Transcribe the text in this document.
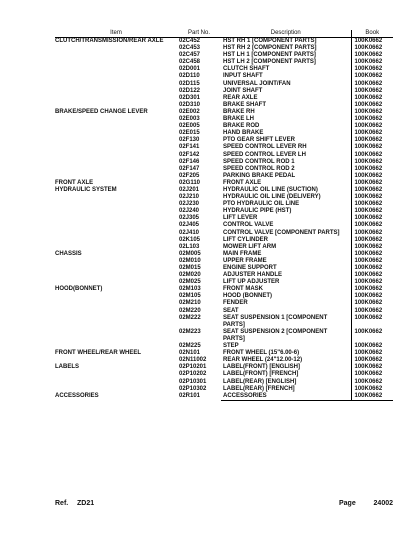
Item	Part No.	Description	Book
CLUTCH/TRANSMISSION/REAR AXLE	02C452	HST RH 1 [COMPONENT PARTS]	100K0662
	02C453	HST RH 2 [COMPONENT PARTS]	100K0662
	02C457	HST LH 1 [COMPONENT PARTS]	100K0662
	02C458	HST LH 2 [COMPONENT PARTS]	100K0662
	02D001	CLUTCH SHAFT	100K0662
	02D110	INPUT SHAFT	100K0662
	02D115	UNIVERSAL JOINT/FAN	100K0662
	02D122	JOINT SHAFT	100K0662
	02D301	REAR AXLE	100K0662
	02D310	BRAKE SHAFT	100K0662
BRAKE/SPEED CHANGE LEVER	02E002	BRAKE RH	100K0662
	02E003	BRAKE LH	100K0662
	02E005	BRAKE ROD	100K0662
	02E015	HAND BRAKE	100K0662
	02F130	PTO GEAR SHIFT LEVER	100K0662
	02F141	SPEED CONTROL LEVER RH	100K0662
	02F142	SPEED CONTROL LEVER LH	100K0662
	02F146	SPEED CONTROL ROD 1	100K0662
	02F147	SPEED CONTROL ROD 2	100K0662
	02F205	PARKING BRAKE PEDAL	100K0662
FRONT AXLE	02G110	FRONT AXLE	100K0662
HYDRAULIC SYSTEM	02J201	HYDRAULIC OIL LINE (SUCTION)	100K0662
	02J210	HYDRAULIC OIL LINE (DELIVERY)	100K0662
	02J230	PTO HYDRAULIC OIL LINE	100K0662
	02J240	HYDRAULIC PIPE (HST)	100K0662
	02J305	LIFT LEVER	100K0662
	02J405	CONTROL VALVE	100K0662
	02J410	CONTROL VALVE [COMPONENT PARTS]	100K0662
	02K105	LIFT CYLINDER	100K0662
	02L103	MOWER LIFT ARM	100K0662
CHASSIS	02M005	MAIN FRAME	100K0662
	02M010	UPPER FRAME	100K0662
	02M015	ENGINE SUPPORT	100K0662
	02M020	ADJUSTER HANDLE	100K0662
	02M025	LIFT UP ADJUSTER	100K0662
HOOD(BONNET)	02M103	FRONT MASK	100K0662
	02M105	HOOD (BONNET)	100K0662
	02M210	FENDER	100K0662
	02M220	SEAT	100K0662
	02M222	SEAT SUSPENSION 1 [COMPONENT PARTS]	100K0662
	02M223	SEAT SUSPENSION 2 [COMPONENT PARTS]	100K0662
	02M225	STEP	100K0662
FRONT WHEEL/REAR WHEEL	02N101	FRONT WHEEL (15"6.00-6)	100K0662
	02N11002	REAR WHEEL (24"12.00-12)	100K0662
LABELS	02P10201	LABEL(FRONT) [ENGLISH]	100K0662
	02P10202	LABEL(FRONT) [FRENCH]	100K0662
	02P10301	LABEL(REAR) [ENGLISH]	100K0662
	02P10302	LABEL(REAR) [FRENCH]	100K0662
ACCESSORIES	02R101	ACCESSORIES	100K0662
Ref. ZD21	Page	24002
